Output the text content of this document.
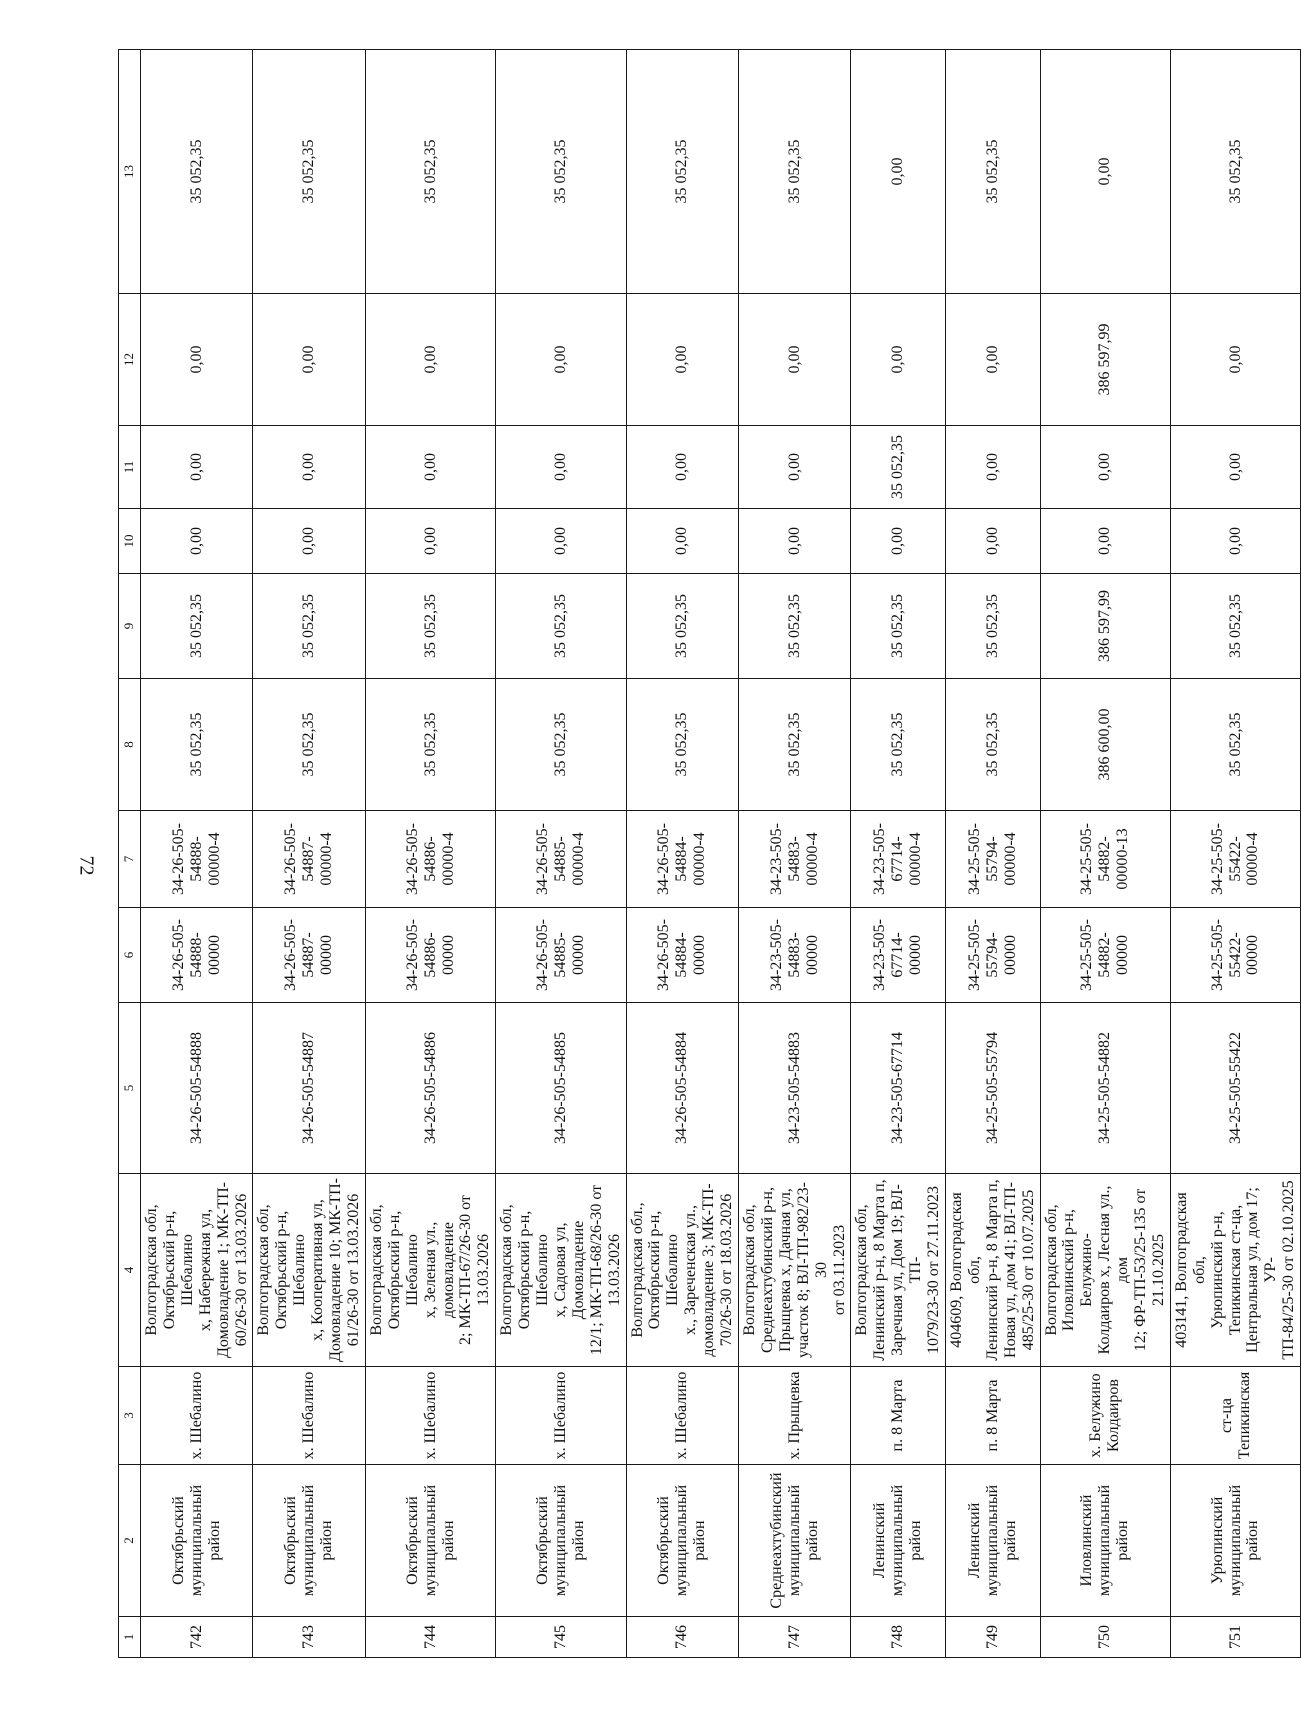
72
1	2	3	4	5	6	7	8	9	10	11	12	13
742	Октябрьский
муниципальный
район	х. Шебалино	Волгоградская обл,
Октябрьский р-н, Шебалино
х, Набережная ул,
Домовладение 1; МК-ТП-
60/26-30 от 13.03.2026	34-26-505-54888	34-26-505-
54888-
00000	34-26-505-
54888-
00000-4	35 052,35	35 052,35	0,00	0,00	0,00	35 052,35
743	Октябрьский
муниципальный
район	х. Шебалино	Волгоградская обл,
Октябрьский р-н, Шебалино
х, Кооперативная ул,
Домовладение 10; МК-ТП-
61/26-30 от 13.03.2026	34-26-505-54887	34-26-505-
54887-
00000	34-26-505-
54887-
00000-4	35 052,35	35 052,35	0,00	0,00	0,00	35 052,35
744	Октябрьский
муниципальный
район	х. Шебалино	Волгоградская обл,
Октябрьский р-н, Шебалино
х, Зеленая ул., домовладение
2; МК-ТП-67/26-30 от
13.03.2026	34-26-505-54886	34-26-505-
54886-
00000	34-26-505-
54886-
00000-4	35 052,35	35 052,35	0,00	0,00	0,00	35 052,35
745	Октябрьский
муниципальный
район	х. Шебалино	Волгоградская обл,
Октябрьский р-н, Шебалино
х, Садовая ул, Домовладение
12/1; МК-ТП-68/26-30 от
13.03.2026	34-26-505-54885	34-26-505-
54885-
00000	34-26-505-
54885-
00000-4	35 052,35	35 052,35	0,00	0,00	0,00	35 052,35
746	Октябрьский
муниципальный
район	х. Шебалино	Волгоградская обл.,
Октябрьский р-н, Шебалино
х., Зареченская ул.,
домовладение 3; МК-ТП-
70/26-30 от 18.03.2026	34-26-505-54884	34-26-505-
54884-
00000	34-26-505-
54884-
00000-4	35 052,35	35 052,35	0,00	0,00	0,00	35 052,35
747	Среднеахтубинский
муниципальный
район	х. Прыщевка	Волгоградская обл,
Среднеахтубинский р-н,
Прыщевка х, Дачная ул,
участок 8; ВЛ-ТП-982/23-30
от 03.11.2023	34-23-505-54883	34-23-505-
54883-
00000	34-23-505-
54883-
00000-4	35 052,35	35 052,35	0,00	0,00	0,00	35 052,35
748	Ленинский
муниципальный
район	п. 8 Марта	Волгоградская обл,
Ленинский р-н, 8 Марта п,
Заречная ул, Дом 19; ВЛ-ТП-
1079/23-30 от 27.11.2023	34-23-505-67714	34-23-505-
67714-
00000	34-23-505-
67714-
00000-4	35 052,35	35 052,35	0,00	35 052,35	0,00	0,00
749	Ленинский
муниципальный
район	п. 8 Марта	404609, Волгоградская обл,
Ленинский р-н, 8 Марта п,
Новая ул, дом 41; ВЛ-ТП-
485/25-30 от 10.07.2025	34-25-505-55794	34-25-505-
55794-
00000	34-25-505-
55794-
00000-4	35 052,35	35 052,35	0,00	0,00	0,00	35 052,35
750	Иловлинский
муниципальный
район	х. Белужино
Колдаиров	Волгоградская обл,
Иловлинский р-н, Белужино-
Колдаиров х, Лесная ул., дом
12; ФР-ТП-53/25-135 от
21.10.2025	34-25-505-54882	34-25-505-
54882-
00000	34-25-505-
54882-
00000-13	386 600,00	386 597,99	0,00	0,00	386 597,99	0,00
751	Урюпинский
муниципальный
район	ст-ца
Тепикинская	403141, Волгоградская обл,
Урюпинский р-н,
Тепикинская ст-ца,
Центральная ул, дом 17; УР-
ТП-84/25-30 от 02.10.2025	34-25-505-55422	34-25-505-
55422-
00000	34-25-505-
55422-
00000-4	35 052,35	35 052,35	0,00	0,00	0,00	35 052,35
